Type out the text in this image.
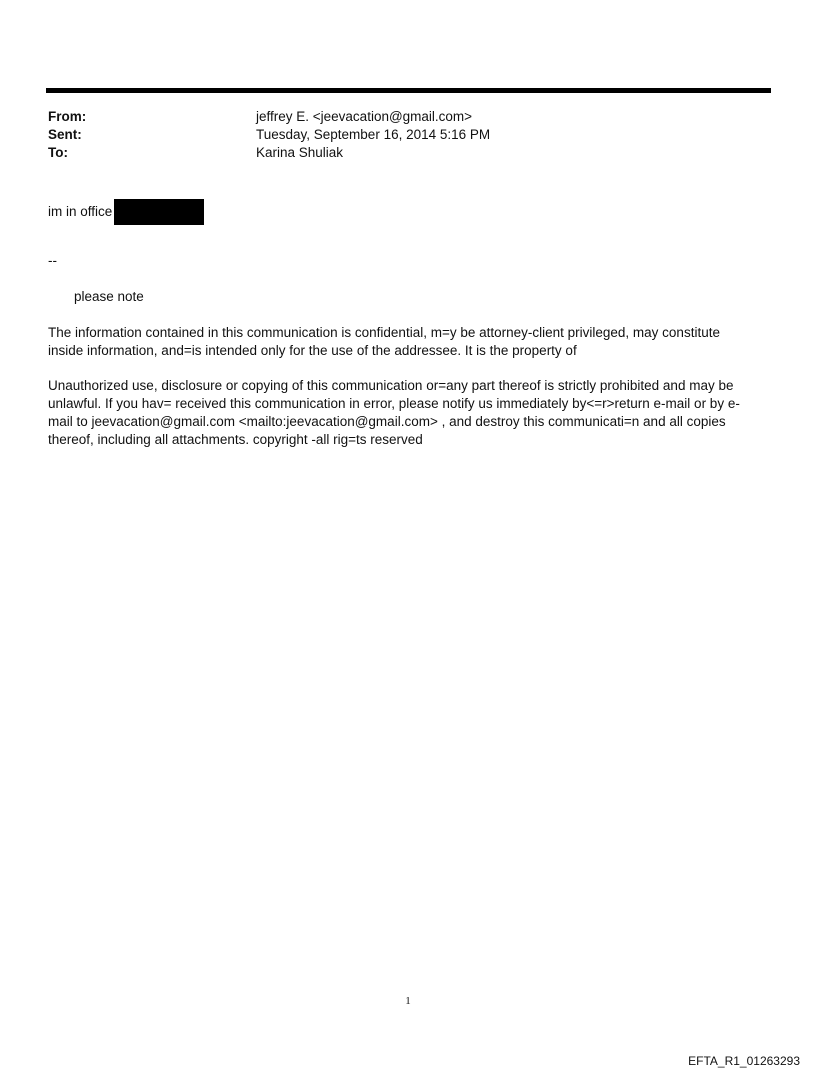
From:	jeffrey E. <jeevacation@gmail.com>
Sent:	Tuesday, September 16, 2014 5:16 PM
To:	Karina Shuliak
im in office
--
please note
The information contained in this communication is confidential, m=y be attorney-client privileged, may constitute
inside information, and=is intended only for the use of the addressee. It is the property of
Unauthorized use, disclosure or copying of this communication or=any part thereof is strictly prohibited and may be
unlawful. If you hav= received this communication in error, please notify us immediately by<=r>return e-mail or by e-
mail to jeevacation@gmail.com <mailto:jeevacation@gmail.com> , and destroy this communicati=n and all copies
thereof, including all attachments. copyright -all rig=ts reserved
1
EFTA_R1_01263293
